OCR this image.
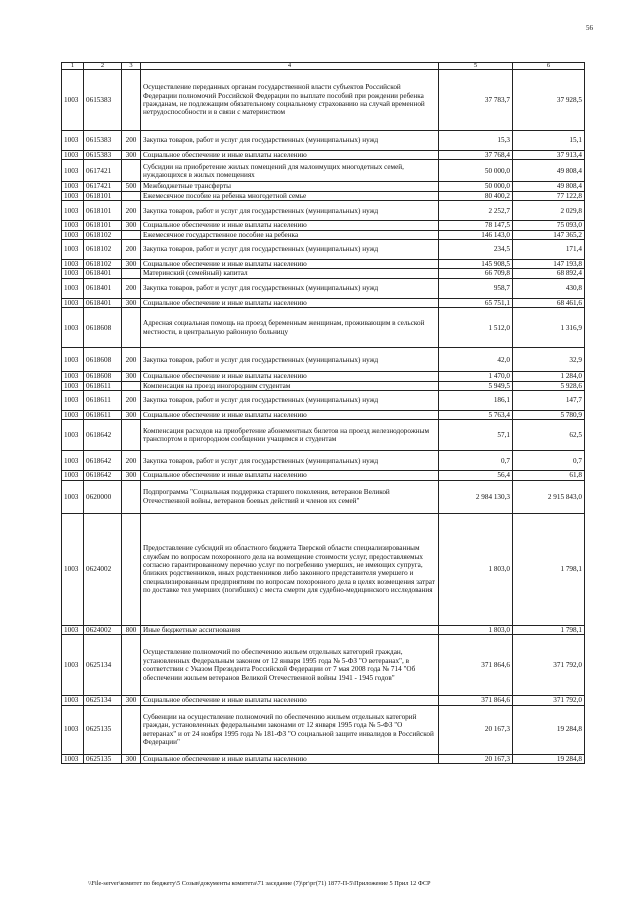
56
1	2	3	4	5	6
1003	0615383		Осуществление переданных органам государственной власти субъектов Российской Федерации полномочий Российской Федерации по выплате пособий при рождении ребенка гражданам, не подлежащим обязательному социальному страхованию на случай временной нетрудоспособности и в связи с материнством	37 783,7	37 928,5
1003	0615383	200	Закупка товаров, работ и услуг для государственных (муниципальных) нужд	15,3	15,1
1003	0615383	300	Социальное обеспечение и иные выплаты населению	37 768,4	37 913,4
1003	0617421		Субсидии на приобретение жилых помещений для малоимущих многодетных семей, нуждающихся в жилых помещениях	50 000,0	49 808,4
1003	0617421	500	Межбюджетные трансферты	50 000,0	49 808,4
1003	0618101		Ежемесячное пособие на ребенка многодетной семье	80 400,2	77 122,8
1003	0618101	200	Закупка товаров, работ и услуг для государственных (муниципальных) нужд	2 252,7	2 029,8
1003	0618101	300	Социальное обеспечение и иные выплаты населению	78 147,5	75 093,0
1003	0618102		Ежемесячное государственное пособие на ребенка	146 143,0	147 365,2
1003	0618102	200	Закупка товаров, работ и услуг для государственных (муниципальных) нужд	234,5	171,4
1003	0618102	300	Социальное обеспечение и иные выплаты населению	145 908,5	147 193,8
1003	0618401		Материнский (семейный) капитал	66 709,8	68 892,4
1003	0618401	200	Закупка товаров, работ и услуг для государственных (муниципальных) нужд	958,7	430,8
1003	0618401	300	Социальное обеспечение и иные выплаты населению	65 751,1	68 461,6
1003	0618608		Адресная социальная помощь на проезд беременным женщинам, проживающим в сельской местности, в центральную районную больницу	1 512,0	1 316,9
1003	0618608	200	Закупка товаров, работ и услуг для государственных (муниципальных) нужд	42,0	32,9
1003	0618608	300	Социальное обеспечение и иные выплаты населению	1 470,0	1 284,0
1003	0618611		Компенсация на проезд иногородним студентам	5 949,5	5 928,6
1003	0618611	200	Закупка товаров, работ и услуг для государственных (муниципальных) нужд	186,1	147,7
1003	0618611	300	Социальное обеспечение и иные выплаты населению	5 763,4	5 780,9
1003	0618642		Компенсация расходов на приобретение абонементных билетов на проезд железнодорожным транспортом в пригородном сообщении учащимся и студентам	57,1	62,5
1003	0618642	200	Закупка товаров, работ и услуг для государственных (муниципальных) нужд	0,7	0,7
1003	0618642	300	Социальное обеспечение и иные выплаты населению	56,4	61,8
1003	0620000		Подпрограмма "Социальная поддержка старшего поколения, ветеранов Великой Отечественной войны, ветеранов боевых действий и членов их семей"	2 984 130,3	2 915 843,0
1003	0624002		Предоставление субсидий из областного бюджета Тверской области специализированным службам по вопросам похоронного дела на возмещение стоимости услуг, предоставляемых согласно гарантированному перечню услуг по погребению умерших, не имеющих супруга, близких родственников, иных родственников либо законного представителя умершего и специализированным предприятиям по вопросам похоронного дела в целях возмещения затрат по доставке тел умерших (погибших) с места смерти для судебно-медицинского исследования	1 803,0	1 798,1
1003	0624002	800	Иные бюджетные ассигнования	1 803,0	1 798,1
1003	0625134		Осуществление полномочий по обеспечению жильем отдельных категорий граждан, установленных Федеральным законом от 12 января 1995 года № 5-ФЗ "О ветеранах", в соответствии с Указом Президента Российской Федерации от 7 мая 2008 года № 714 "Об обеспечении жильем ветеранов Великой Отечественной войны 1941 - 1945 годов"	371 864,6	371 792,0
1003	0625134	300	Социальное обеспечение и иные выплаты населению	371 864,6	371 792,0
1003	0625135		Субвенции на осуществление полномочий по обеспечению жильем отдельных категорий граждан, установленных федеральными законами от 12 января 1995 года № 5-ФЗ "О ветеранах" и от 24 ноября 1995 года № 181-ФЗ "О социальной защите инвалидов в Российской Федерации"	20 167,3	19 284,8
1003	0625135	300	Социальное обеспечение и иные выплаты населению	20 167,3	19 284,8
\\File-server\комитет по бюджету\5 Созыв\документы комитета\71 заседание (7)\рг\рг(71) 1877-П-5\Приложение 5 Прил 12 ФСР
